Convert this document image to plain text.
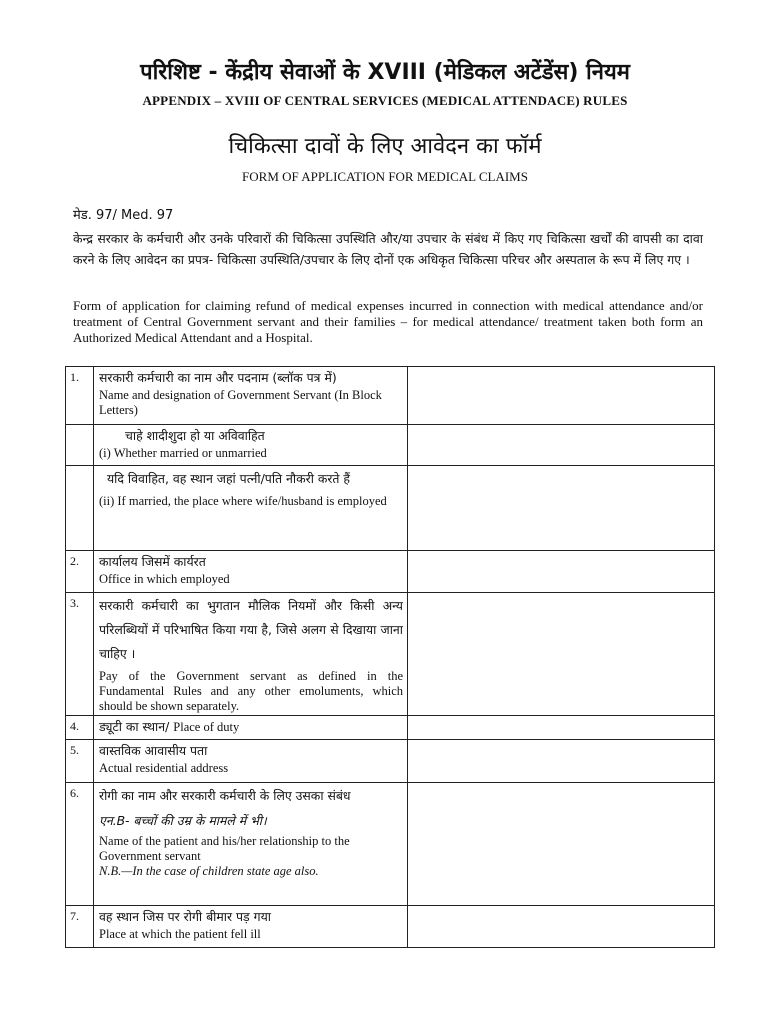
परिशिष्ट - केंद्रीय सेवाओं के XVIII (मेडिकल अटेंडेंस) नियम
APPENDIX – XVIII OF CENTRAL SERVICES (MEDICAL ATTENDACE) RULES
चिकित्सा दावों के लिए आवेदन का फॉर्म
FORM OF APPLICATION FOR MEDICAL CLAIMS
मेड. 97/ Med. 97
केन्द्र सरकार के कर्मचारी और उनके परिवारों की चिकित्सा उपस्थिति और/या उपचार के संबंध में किए गए चिकित्सा खर्चों की वापसी का दावा करने के लिए आवेदन का प्रपत्र- चिकित्सा उपस्थिति/उपचार के लिए दोनों एक अधिकृत चिकित्सा परिचर और अस्पताल के रूप में लिए गए ।
Form of application for claiming refund of medical expenses incurred in connection with medical attendance and/or treatment of Central Government servant and their families – for medical attendance/ treatment taken both form an Authorized Medical Attendant and a Hospital.
1.	सरकारी कर्मचारी का नाम और पदनाम (ब्लॉक पत्र में)
Name and designation of Government Servant (In Block Letters)	

	चाहे शादीशुदा हो या अविवाहित
(i) Whether married or unmarried	

	यदि विवाहित, वह स्थान जहां पत्नी/पति नौकरी करते हैं
(ii) If married, the place where wife/husband is employed	

2.	कार्यालय जिसमें कार्यरत
Office in which employed	

3.	सरकारी कर्मचारी का भुगतान मौलिक नियमों और किसी अन्य परिलब्धियों में परिभाषित किया गया है, जिसे अलग से दिखाया जाना चाहिए ।
Pay of the Government servant as defined in the Fundamental Rules and any other emoluments, which should be shown separately.	

4.	ड्यूटी का स्थान/ Place of duty	
5.	वास्तविक आवासीय पता
Actual residential address	

6.	रोगी का नाम और सरकारी कर्मचारी के लिए उसका संबंध
एन.B- बच्चों की उम्र के मामले में भी।
Name of the patient and his/her relationship to the Government servant
N.B.—In the case of children state age also.	

7.	वह स्थान जिस पर रोगी बीमार पड़ गया
Place at which the patient fell ill	
